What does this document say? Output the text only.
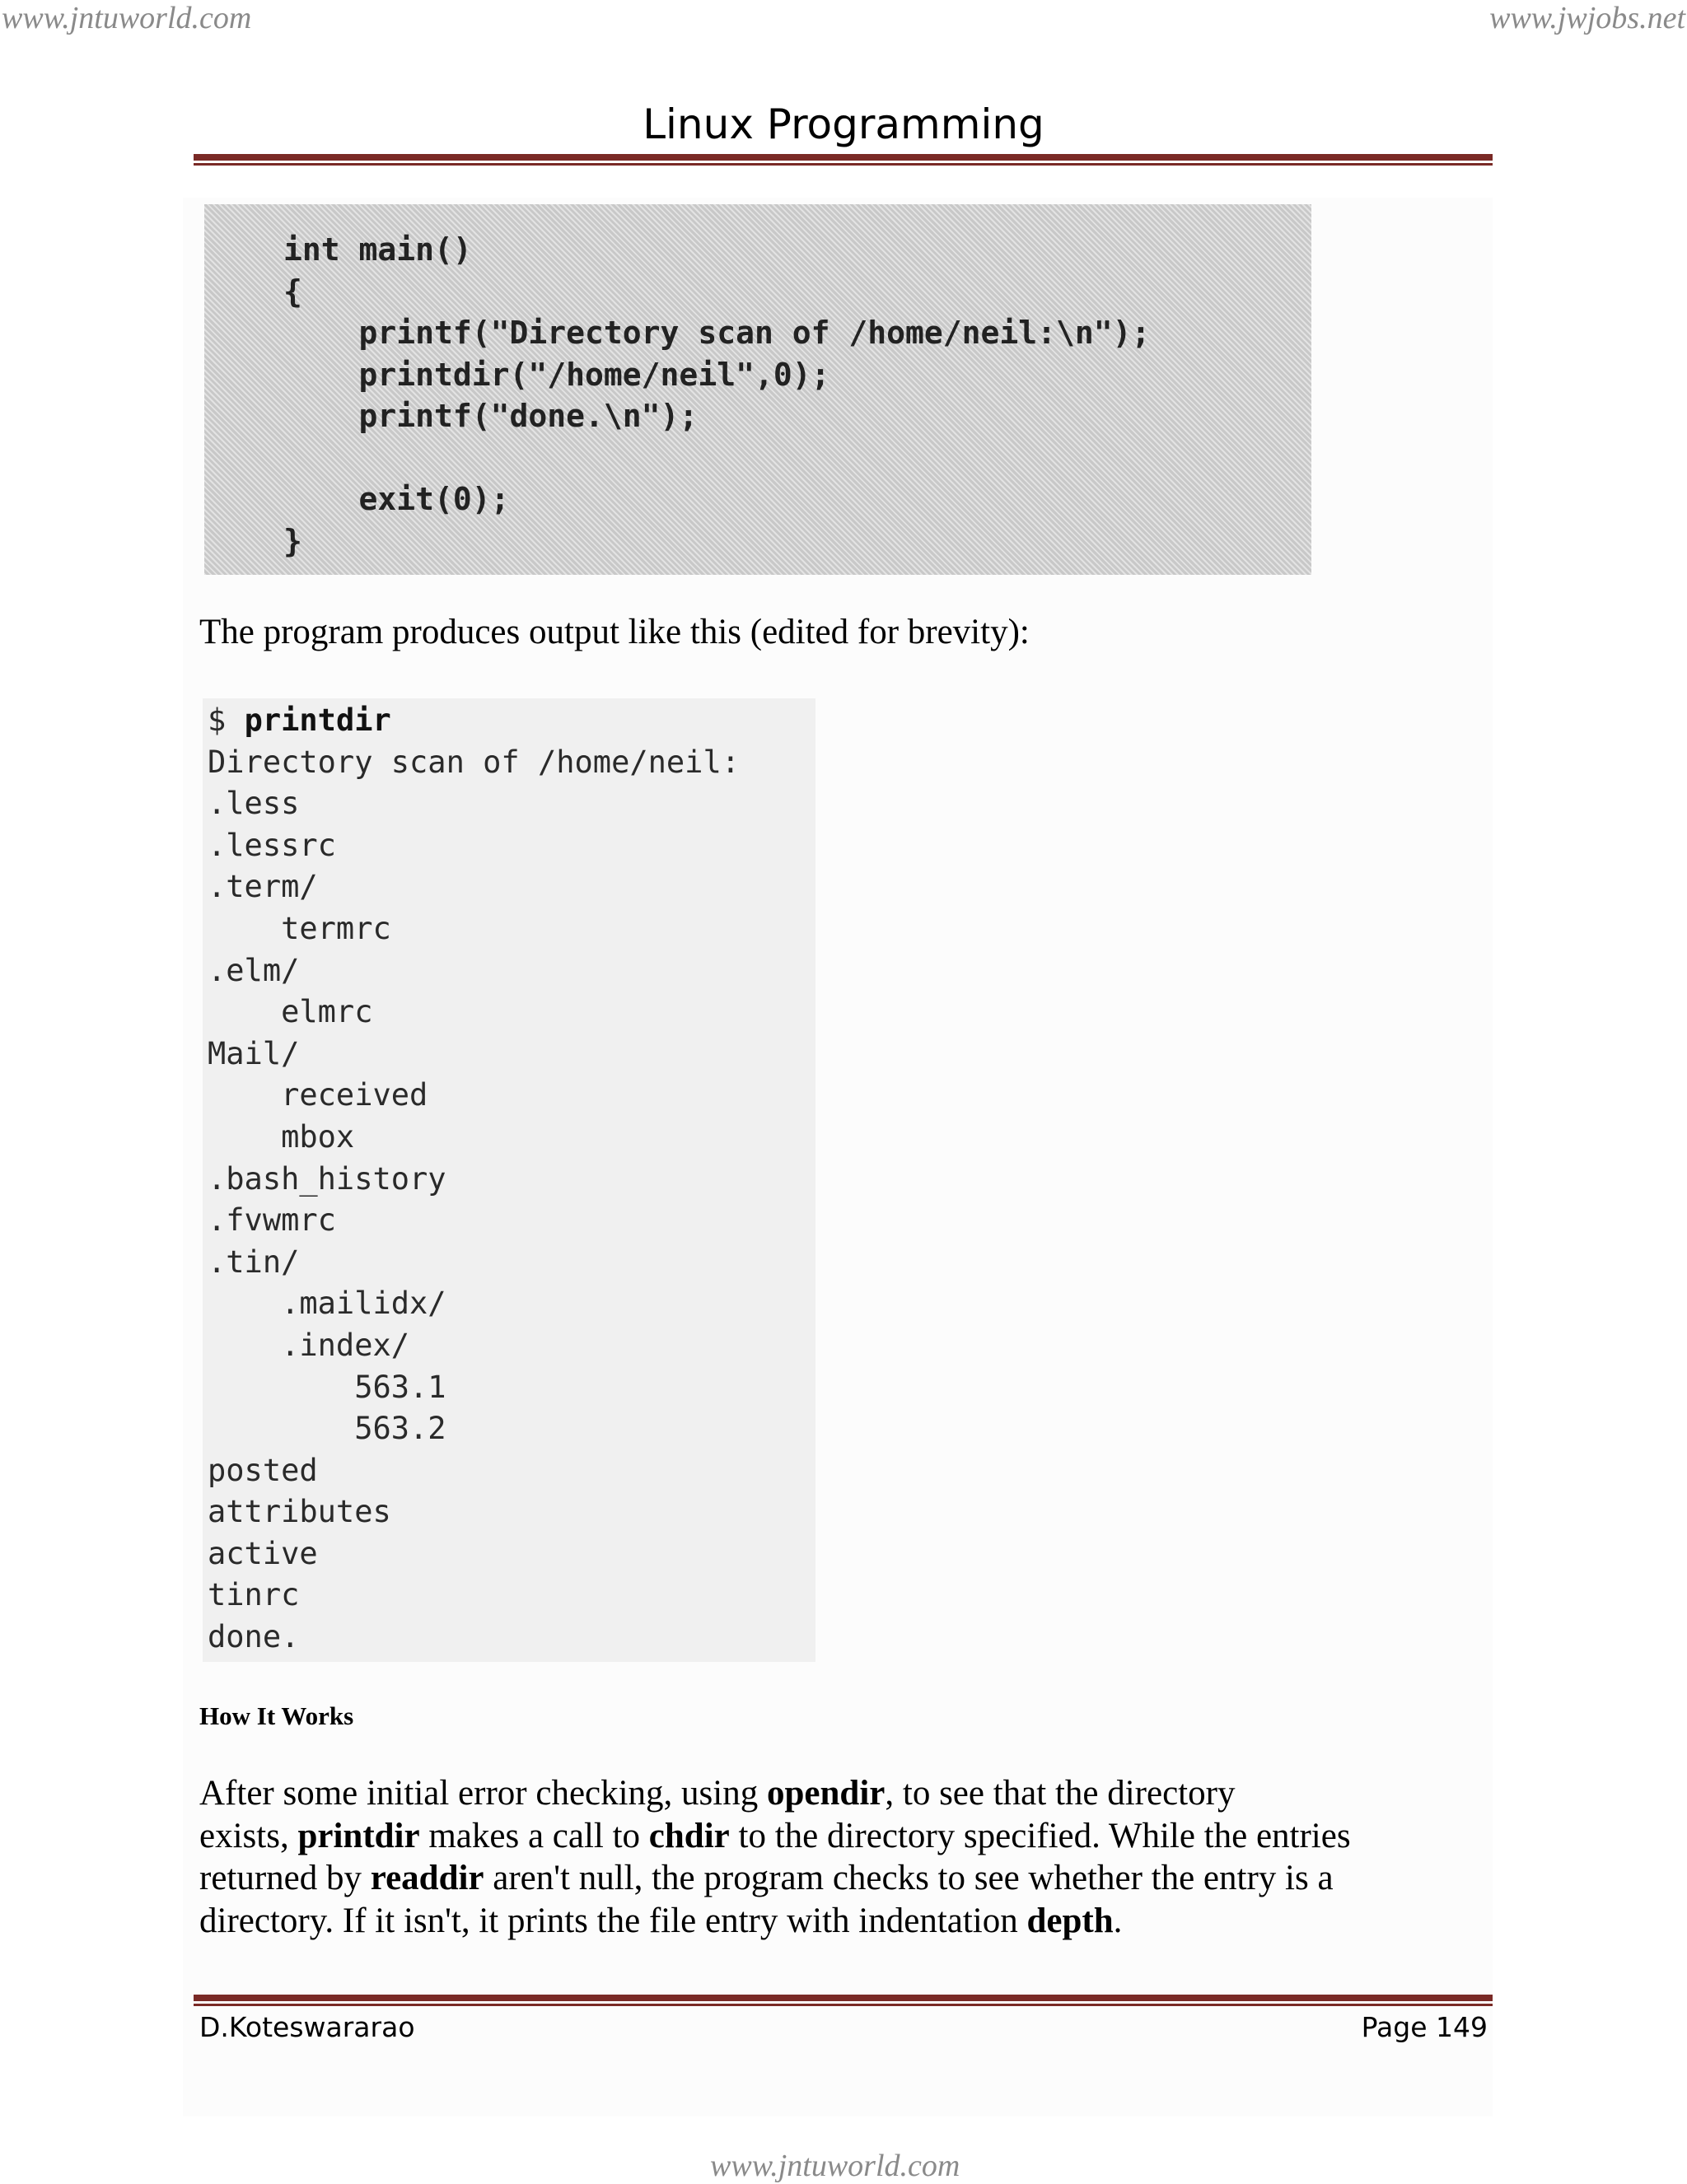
www.jntuworld.com	www.jwjobs.net
Linux Programming
int main()
{
printf("Directory scan of /home/neil:\n");
printdir("/home/neil",0);
printf("done.\n");

exit(0);
}
The program produces output like this (edited for brevity):
$ printdir
Directory scan of /home/neil:
.less
.lessrc
.term/
termrc
.elm/
elmrc
Mail/
received
mbox
.bash_history
.fvwmrc
.tin/
.mailidx/
.index/
563.1
563.2
posted
attributes
active
tinrc
done.
How It Works
After some initial error checking, using opendir, to see that the directory
exists, printdir makes a call to chdir to the directory specified. While the entries
returned by readdir aren't null, the program checks to see whether the entry is a
directory. If it isn't, it prints the file entry with indentation depth.
D.Koteswararao	Page 149
www.jntuworld.com
